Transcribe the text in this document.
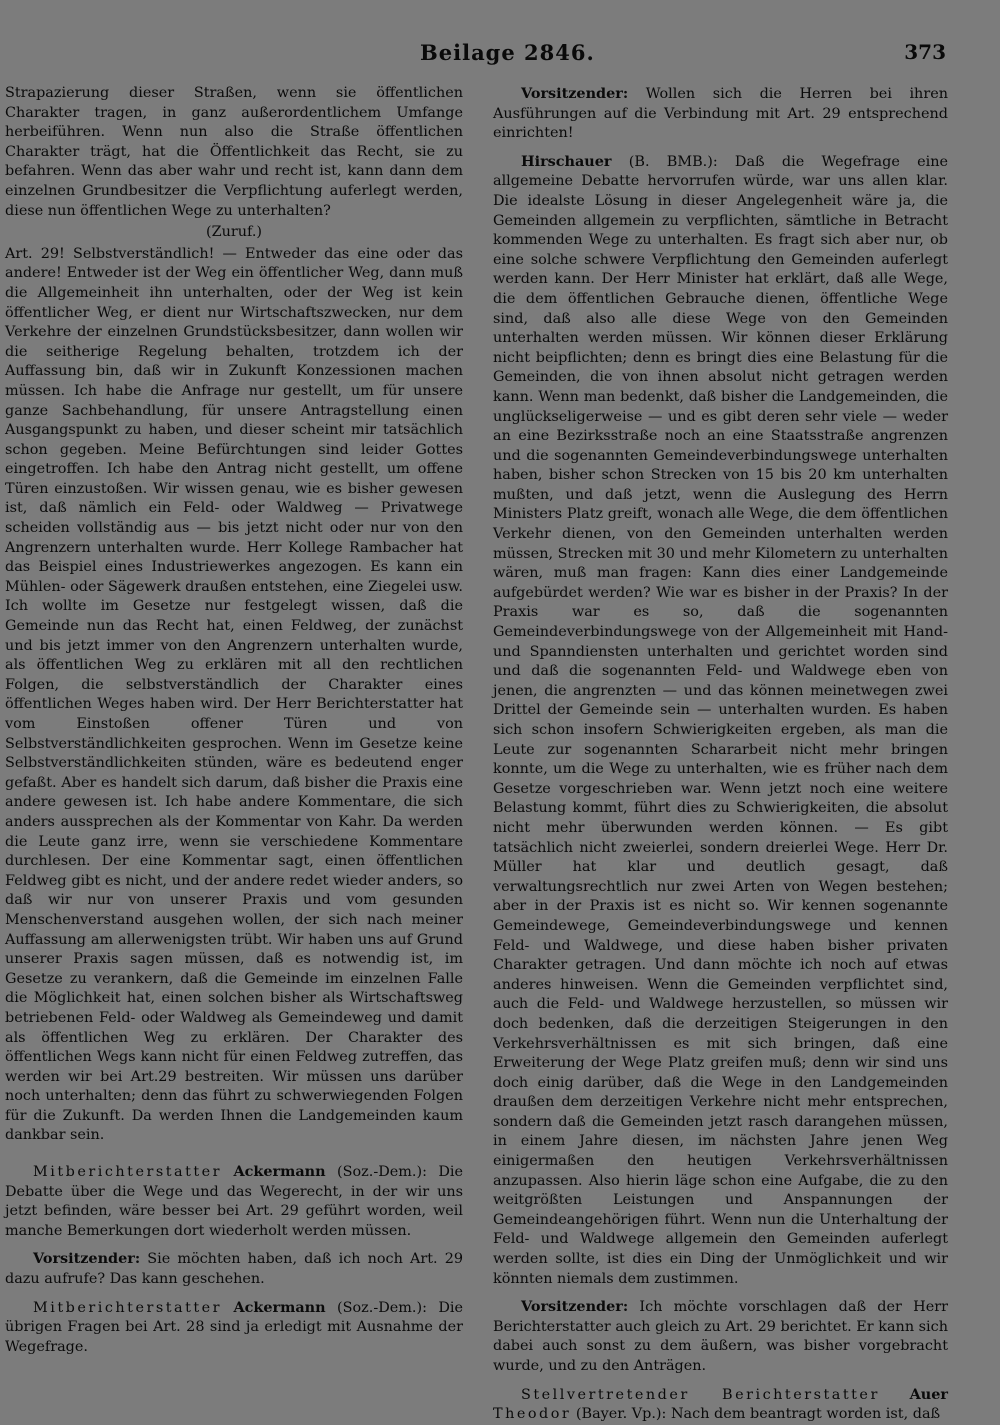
Beilage 2846.	373

Strapazierung dieser Straßen, wenn sie öffentlichen Charakter tragen, in ganz außerordentlichem Umfange herbeiführen. Wenn nun also die Straße öffentlichen Charakter trägt, hat die Öffentlichkeit das Recht, sie zu befahren. Wenn das aber wahr und recht ist, kann dann dem einzelnen Grundbesitzer die Verpflichtung auferlegt werden, diese nun öffentlichen Wege zu unterhalten?

(Zuruf.)

Art. 29! Selbstverständlich! — Entweder das eine oder das andere! Entweder ist der Weg ein öffentlicher Weg, dann muß die Allgemeinheit ihn unterhalten, oder der Weg ist kein öffentlicher Weg, er dient nur Wirtschaftszwecken, nur dem Verkehre der einzelnen Grundstücksbesitzer, dann wollen wir die seitherige Regelung behalten, trotzdem ich der Auffassung bin, daß wir in Zukunft Konzessionen machen müssen. Ich habe die Anfrage nur gestellt, um für unsere ganze Sachbehandlung, für unsere Antragstellung einen Ausgangspunkt zu haben, und dieser scheint mir tatsächlich schon gegeben. Meine Befürchtungen sind leider Gottes eingetroffen. Ich habe den Antrag nicht gestellt, um offene Türen einzustoßen. Wir wissen genau, wie es bisher gewesen ist, daß nämlich ein Feld- oder Waldweg — Privatwege scheiden vollständig aus — bis jetzt nicht oder nur von den Angrenzern unterhalten wurde. Herr Kollege Rambacher hat das Beispiel eines Industriewerkes angezogen. Es kann ein Mühlen- oder Sägewerk draußen entstehen, eine Ziegelei usw. Ich wollte im Gesetze nur festgelegt wissen, daß die Gemeinde nun das Recht hat, einen Feldweg, der zunächst und bis jetzt immer von den Angrenzern unterhalten wurde, als öffentlichen Weg zu erklären mit all den rechtlichen Folgen, die selbstverständlich der Charakter eines öffentlichen Weges haben wird. Der Herr Berichterstatter hat vom Einstoßen offener Türen und von Selbstverständlichkeiten gesprochen. Wenn im Gesetze keine Selbstverständlichkeiten stünden, wäre es bedeutend enger gefaßt. Aber es handelt sich darum, daß bisher die Praxis eine andere gewesen ist. Ich habe andere Kommentare, die sich anders aussprechen als der Kommentar von Kahr. Da werden die Leute ganz irre, wenn sie verschiedene Kommentare durchlesen. Der eine Kommentar sagt, einen öffentlichen Feldweg gibt es nicht, und der andere redet wieder anders, so daß wir nur von unserer Praxis und vom gesunden Menschenverstand ausgehen wollen, der sich nach meiner Auffassung am allerwenigsten trübt. Wir haben uns auf Grund unserer Praxis sagen müssen, daß es notwendig ist, im Gesetze zu verankern, daß die Gemeinde im einzelnen Falle die Möglichkeit hat, einen solchen bisher als Wirtschaftsweg betriebenen Feld- oder Waldweg als Gemeindeweg und damit als öffentlichen Weg zu erklären. Der Charakter des öffentlichen Wegs kann nicht für einen Feldweg zutreffen, das werden wir bei Art.29 bestreiten. Wir müssen uns darüber noch unterhalten; denn das führt zu schwerwiegenden Folgen für die Zukunft. Da werden Ihnen die Landgemeinden kaum dankbar sein.

Mitberichterstatter Ackermann (Soz.-Dem.): Die Debatte über die Wege und das Wegerecht, in der wir uns jetzt befinden, wäre besser bei Art. 29 geführt worden, weil manche Bemerkungen dort wiederholt werden müssen.

Vorsitzender: Sie möchten haben, daß ich noch Art. 29 dazu aufrufe? Das kann geschehen.

Mitberichterstatter Ackermann (Soz.-Dem.): Die übrigen Fragen bei Art. 28 sind ja erledigt mit Ausnahme der Wegefrage.

Vorsitzender: Wollen sich die Herren bei ihren Ausführungen auf die Verbindung mit Art. 29 entsprechend einrichten!

Hirschauer (B. BMB.): Daß die Wegefrage eine allgemeine Debatte hervorrufen würde, war uns allen klar. Die idealste Lösung in dieser Angelegenheit wäre ja, die Gemeinden allgemein zu verpflichten, sämtliche in Betracht kommenden Wege zu unterhalten. Es fragt sich aber nur, ob eine solche schwere Verpflichtung den Gemeinden auferlegt werden kann. Der Herr Minister hat erklärt, daß alle Wege, die dem öffentlichen Gebrauche dienen, öffentliche Wege sind, daß also alle diese Wege von den Gemeinden unterhalten werden müssen. Wir können dieser Erklärung nicht beipflichten; denn es bringt dies eine Belastung für die Gemeinden, die von ihnen absolut nicht getragen werden kann. Wenn man bedenkt, daß bisher die Landgemeinden, die unglückseligerweise — und es gibt deren sehr viele — weder an eine Bezirksstraße noch an eine Staatsstraße angrenzen und die sogenannten Gemeindeverbindungswege unterhalten haben, bisher schon Strecken von 15 bis 20 km unterhalten mußten, und daß jetzt, wenn die Auslegung des Herrn Ministers Platz greift, wonach alle Wege, die dem öffentlichen Verkehr dienen, von den Gemeinden unterhalten werden müssen, Strecken mit 30 und mehr Kilometern zu unterhalten wären, muß man fragen: Kann dies einer Landgemeinde aufgebürdet werden? Wie war es bisher in der Praxis? In der Praxis war es so, daß die sogenannten Gemeindeverbindungswege von der Allgemeinheit mit Hand- und Spanndiensten unterhalten und gerichtet worden sind und daß die sogenannten Feld- und Waldwege eben von jenen, die angrenzten — und das können meinetwegen zwei Drittel der Gemeinde sein — unterhalten wurden. Es haben sich schon insofern Schwierigkeiten ergeben, als man die Leute zur sogenannten Schararbeit nicht mehr bringen konnte, um die Wege zu unterhalten, wie es früher nach dem Gesetze vorgeschrieben war. Wenn jetzt noch eine weitere Belastung kommt, führt dies zu Schwierigkeiten, die absolut nicht mehr überwunden werden können. — Es gibt tatsächlich nicht zweierlei, sondern dreierlei Wege. Herr Dr. Müller hat klar und deutlich gesagt, daß verwaltungsrechtlich nur zwei Arten von Wegen bestehen; aber in der Praxis ist es nicht so. Wir kennen sogenannte Gemeindewege, Gemeindeverbindungswege und kennen Feld- und Waldwege, und diese haben bisher privaten Charakter getragen. Und dann möchte ich noch auf etwas anderes hinweisen. Wenn die Gemeinden verpflichtet sind, auch die Feld- und Waldwege herzustellen, so müssen wir doch bedenken, daß die derzeitigen Steigerungen in den Verkehrsverhältnissen es mit sich bringen, daß eine Erweiterung der Wege Platz greifen muß; denn wir sind uns doch einig darüber, daß die Wege in den Landgemeinden draußen dem derzeitigen Verkehre nicht mehr entsprechen, sondern daß die Gemeinden jetzt rasch darangehen müssen, in einem Jahre diesen, im nächsten Jahre jenen Weg einigermaßen den heutigen Verkehrsverhältnissen anzupassen. Also hierin läge schon eine Aufgabe, die zu den weitgrößten Leistungen und Anspannungen der Gemeindeangehörigen führt. Wenn nun die Unterhaltung der Feld- und Waldwege allgemein den Gemeinden auferlegt werden sollte, ist dies ein Ding der Unmöglichkeit und wir könnten niemals dem zustimmen.

Vorsitzender: Ich möchte vorschlagen daß der Herr Berichterstatter auch gleich zu Art. 29 berichtet. Er kann sich dabei auch sonst zu dem äußern, was bisher vorgebracht wurde, und zu den Anträgen.

Stellvertretender Berichterstatter Auer Theodor (Bayer. Vp.): Nach dem beantragt worden ist, daß
